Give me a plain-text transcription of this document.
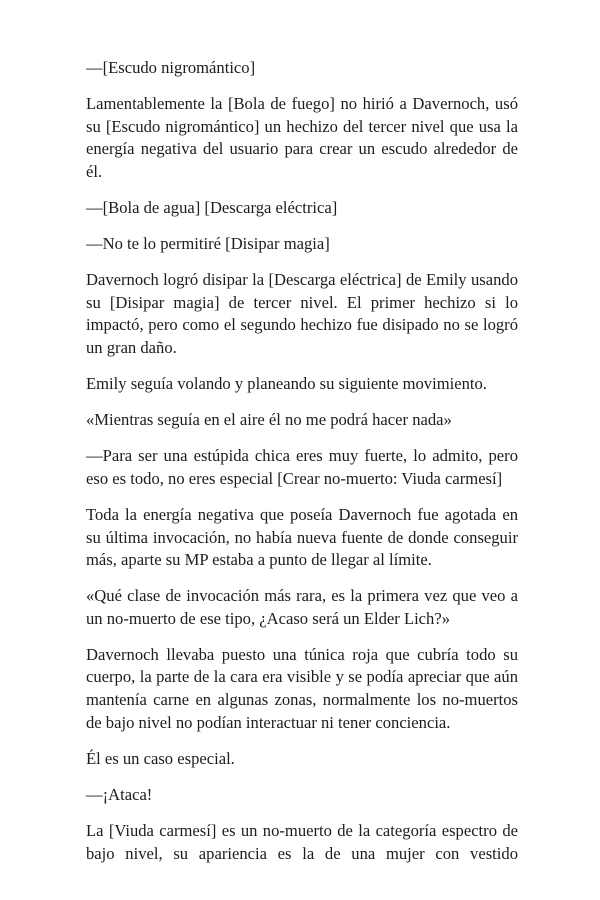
—[Escudo nigromántico]

Lamentablemente la [Bola de fuego] no hirió a Davernoch, usó su [Escudo nigromántico] un hechizo del tercer nivel que usa la energía negativa del usuario para crear un escudo alrededor de él.

—[Bola de agua] [Descarga eléctrica]

—No te lo permitiré [Disipar magia]

Davernoch logró disipar la [Descarga eléctrica] de Emily usando su [Disipar magia] de tercer nivel. El primer hechizo si lo impactó, pero como el segundo hechizo fue disipado no se logró un gran daño.

Emily seguía volando y planeando su siguiente movimiento.

«Mientras seguía en el aire él no me podrá hacer nada»

—Para ser una estúpida chica eres muy fuerte, lo admito, pero eso es todo, no eres especial [Crear no-muerto: Viuda carmesí]

Toda la energía negativa que poseía Davernoch fue agotada en su última invocación, no había nueva fuente de donde conseguir más, aparte su MP estaba a punto de llegar al límite.

«Qué clase de invocación más rara, es la primera vez que veo a un no-muerto de ese tipo, ¿Acaso será un Elder Lich?»

Davernoch llevaba puesto una túnica roja que cubría todo su cuerpo, la parte de la cara era visible y se podía apreciar que aún mantenía carne en algunas zonas, normalmente los no-muertos de bajo nivel no podían interactuar ni tener conciencia.

Él es un caso especial.

—¡Ataca!

La [Viuda carmesí] es un no-muerto de la categoría espectro de bajo nivel, su apariencia es la de una mujer con vestido
